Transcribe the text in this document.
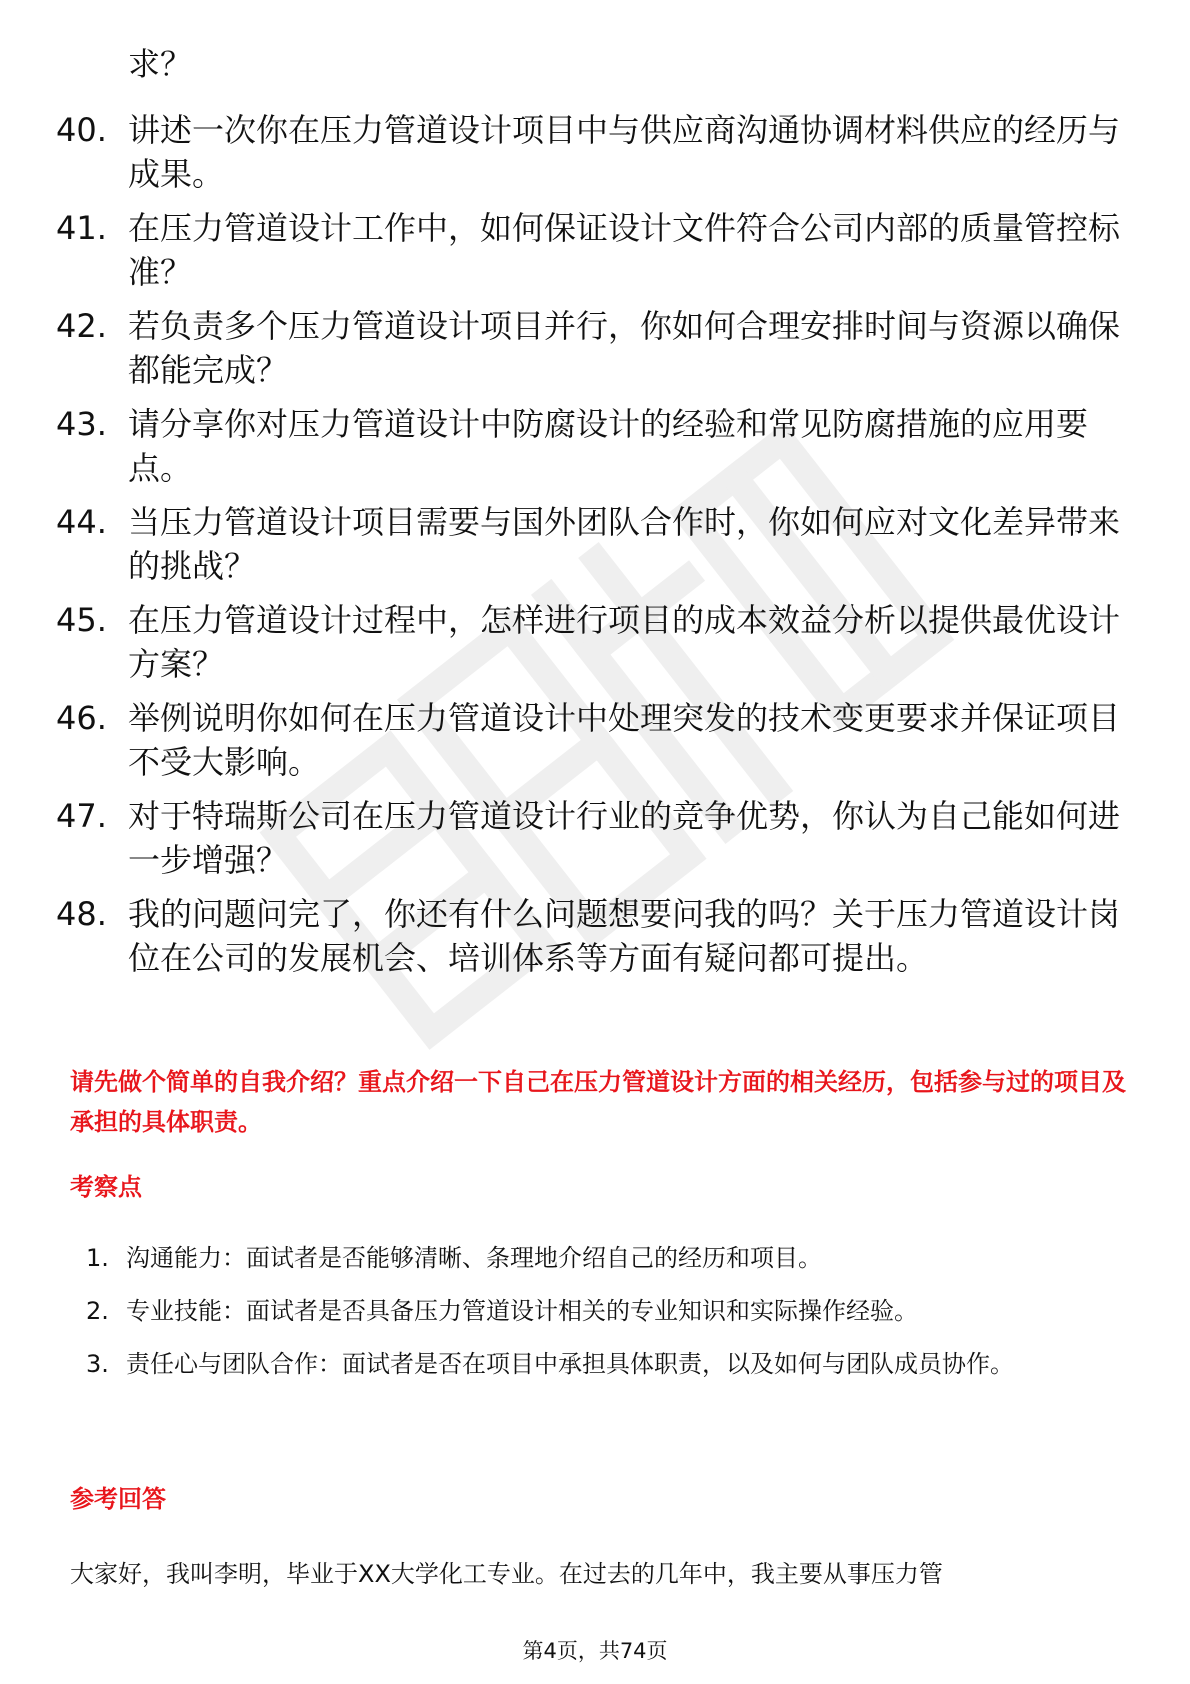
求？
40. 讲述一次你在压力管道设计项目中与供应商沟通协调材料供应的经历与成果。
41. 在压力管道设计工作中，如何保证设计文件符合公司内部的质量管控标准？
42. 若负责多个压力管道设计项目并行，你如何合理安排时间与资源以确保都能完成？
43. 请分享你对压力管道设计中防腐设计的经验和常见防腐措施的应用要点。
44. 当压力管道设计项目需要与国外团队合作时，你如何应对文化差异带来的挑战？
45. 在压力管道设计过程中，怎样进行项目的成本效益分析以提供最优设计方案？
46. 举例说明你如何在压力管道设计中处理突发的技术变更要求并保证项目不受大影响。
47. 对于特瑞斯公司在压力管道设计行业的竞争优势，你认为自己能如何进一步增强？
48. 我的问题问完了，你还有什么问题想要问我的吗？关于压力管道设计岗位在公司的发展机会、培训体系等方面有疑问都可提出。
请先做个简单的自我介绍？重点介绍一下自己在压力管道设计方面的相关经历，包括参与过的项目及承担的具体职责。
考察点
1. 沟通能力：面试者是否能够清晰、条理地介绍自己的经历和项目。
2. 专业技能：面试者是否具备压力管道设计相关的专业知识和实际操作经验。
3. 责任心与团队合作：面试者是否在项目中承担具体职责，以及如何与团队成员协作。
参考回答
大家好，我叫李明，毕业于XX大学化工专业。在过去的几年中，我主要从事压力管
第4页，共74页
